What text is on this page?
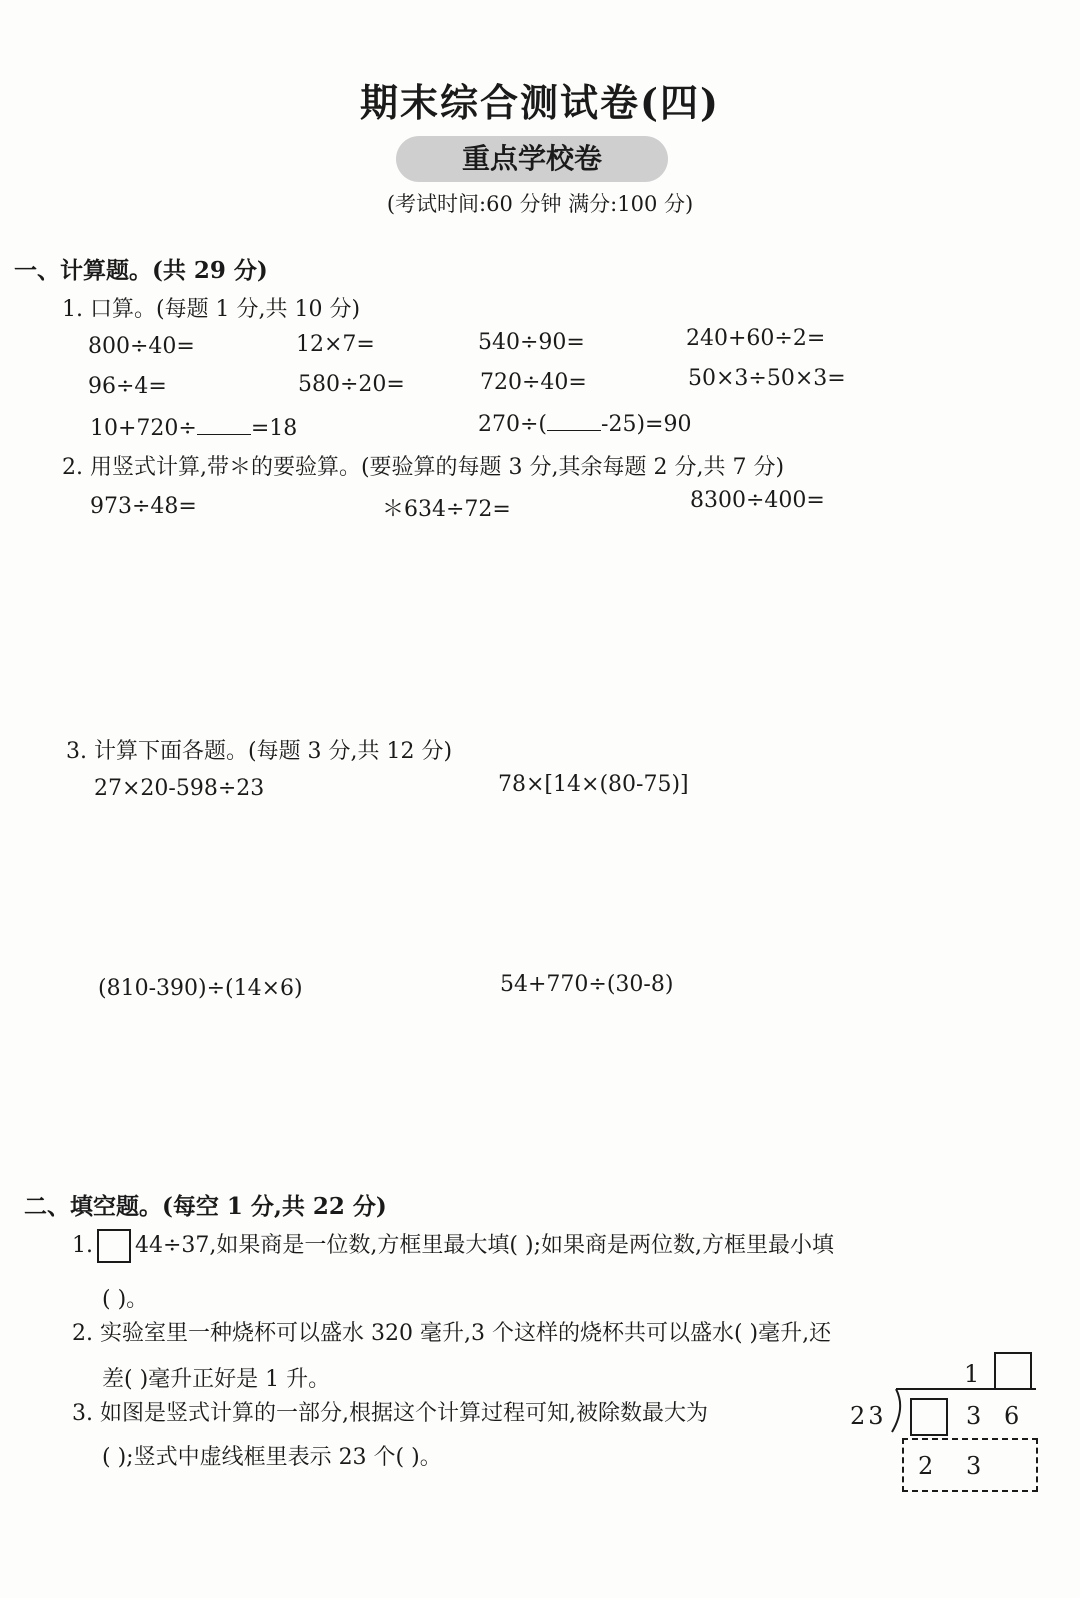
期末综合测试卷(四)
重点学校卷
(考试时间:60 分钟 满分:100 分)
一、计算题。(共 29 分)
1. 口算。(每题 1 分,共 10 分)
800÷40=	12×7=	540÷90=	240+60÷2=
96÷4=	580÷20=	720÷40=	50×3÷50×3=
10+720÷ =18	270÷( -25)=90
2. 用竖式计算,带＊的要验算。(要验算的每题 3 分,其余每题 2 分,共 7 分)
973÷48=	＊634÷72=	8300÷400=
3. 计算下面各题。(每题 3 分,共 12 分)
27×20-598÷23	78×[14×(80-75)]
(810-390)÷(14×6)	54+770÷(30-8)
二、填空题。(每空 1 分,共 22 分)
1. 44÷37,如果商是一位数,方框里最大填( );如果商是两位数,方框里最小填
( )。
2. 实验室里一种烧杯可以盛水 320 毫升,3 个这样的烧杯共可以盛水( )毫升,还
差( )毫升正好是 1 升。
3. 如图是竖式计算的一部分,根据这个计算过程可知,被除数最大为
( );竖式中虚线框里表示 23 个( )。
1
23	3 6
2 3
